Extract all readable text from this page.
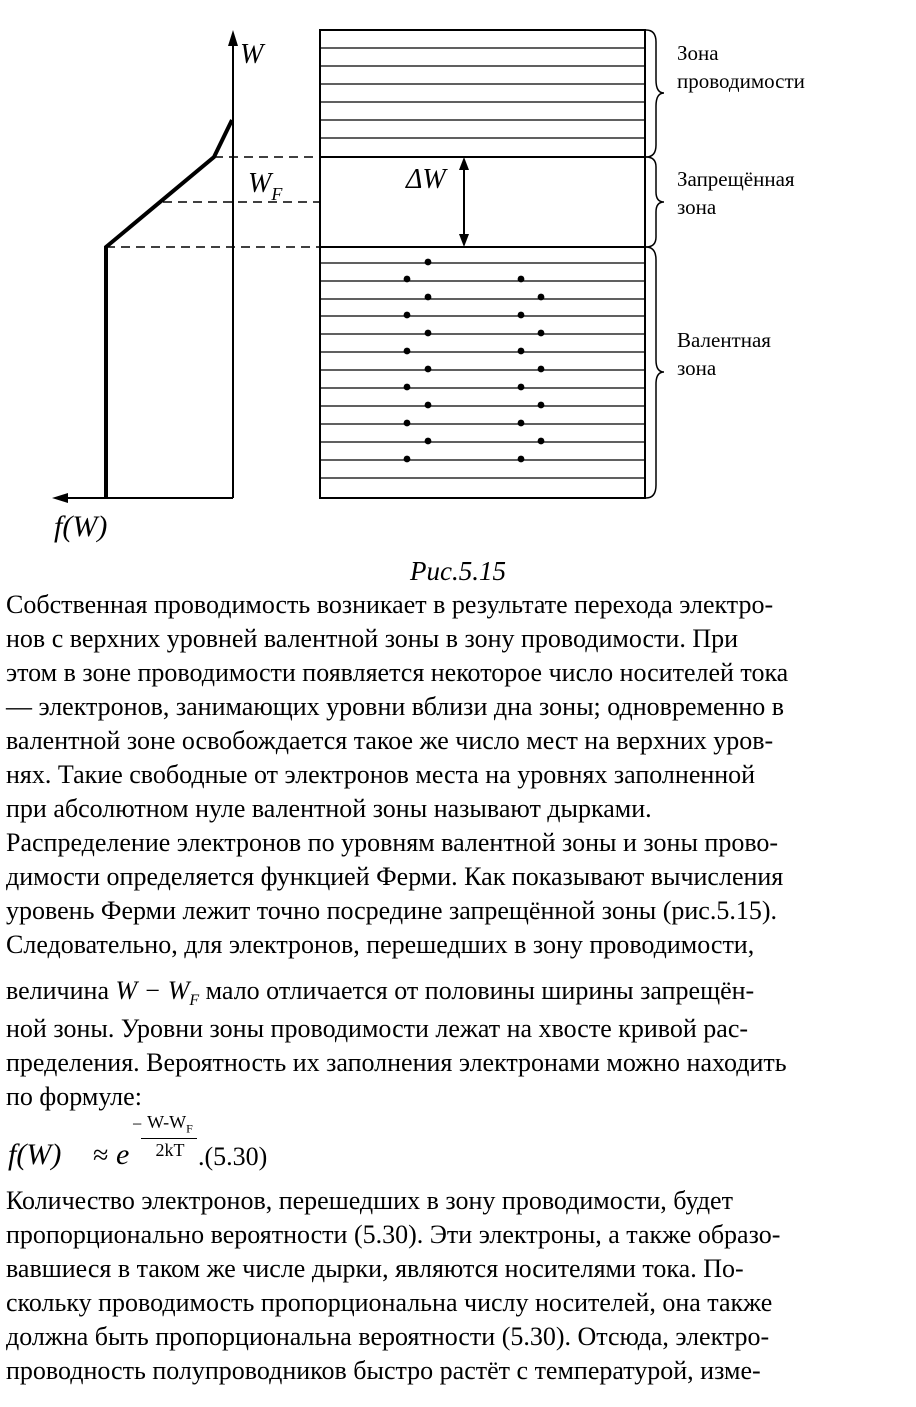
W
f(W)
$W_F$	ΔW
Зона
проводимости
Запрещённая
зона
Валентная
зона
Рис.5.15
Собственная проводимость возникает в результате перехода электро-
нов с верхних уровней валентной зоны в зону проводимости. При
этом в зоне проводимости появляется некоторое число носителей тока
— электронов, занимающих уровни вблизи дна зоны; одновременно в
валентной зоне освобождается такое же число мест на верхних уров-
нях. Такие свободные от электронов места на уровнях заполненной
при абсолютном нуле валентной зоны называют дырками.
Распределение электронов по уровням валентной зоны и зоны прово-
димости определяется функцией Ферми. Как показывают вычисления
уровень Ферми лежит точно посредине запрещённой зоны (рис.5.15).
Следовательно, для электронов, перешедших в зону проводимости,
величина $W - W_F$ мало отличается от половины ширины запрещён-
ной зоны. Уровни зоны проводимости лежат на хвосте кривой рас-
пределения. Вероятность их заполнения электронами можно находить
по формуле:
f(W) ≈ e
− $W-W_F$
2kT .(5.30)
Количество электронов, перешедших в зону проводимости, будет
пропорционально вероятности (5.30). Эти электроны, а также образо-
вавшиеся в таком же числе дырки, являются носителями тока. По-
скольку проводимость пропорциональна числу носителей, она также
должна быть пропорциональна вероятности (5.30). Отсюда, электро-
проводность полупроводников быстро растёт с температурой, изме-
